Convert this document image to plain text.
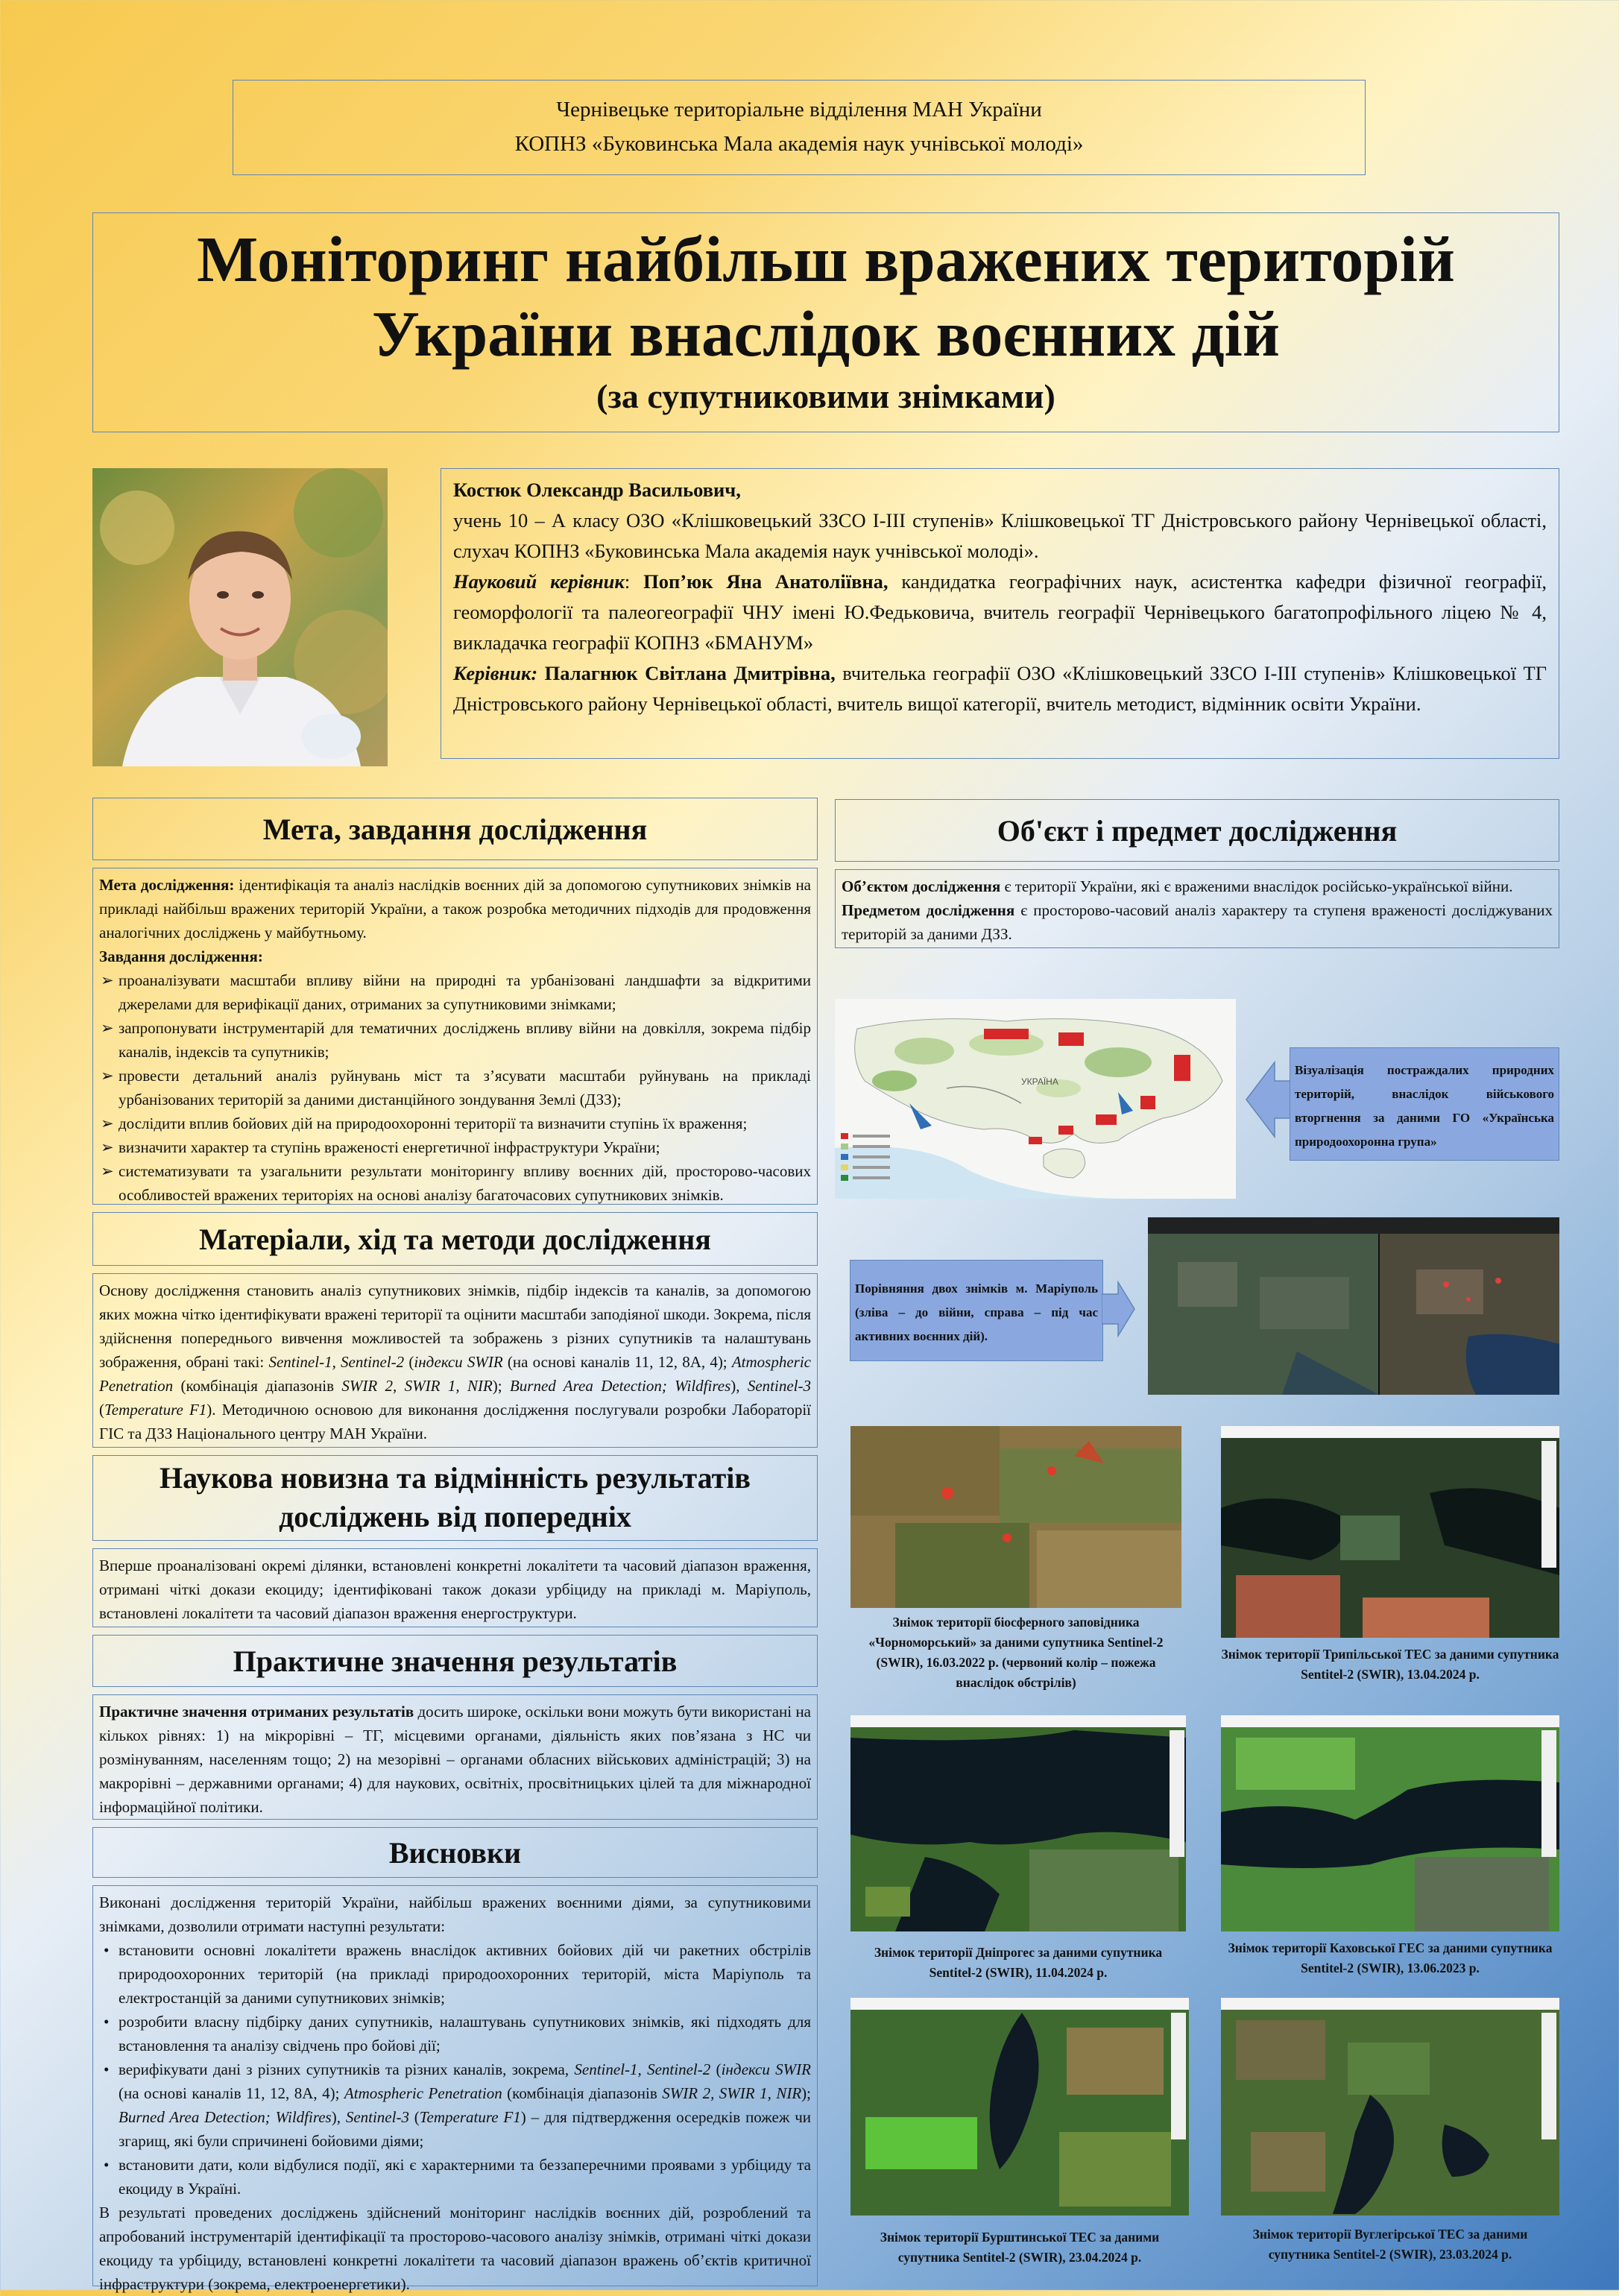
Чернівецьке територіальне відділення МАН України
КОПНЗ «Буковинська Мала академія наук учнівської молоді»
Моніторинг найбільш вражених територій
України внаслідок воєнних дій
(за супутниковими знімками)
Костюк Олександр Васильович,
учень 10 – А класу ОЗО «Клішковецький ЗЗСО І-ІІІ ступенів» Клішковецької ТГ Дністровського району Чернівецької області, слухач КОПНЗ «Буковинська Мала академія наук учнівської молоді».
Науковий керівник: Поп’юк Яна Анатоліївна, кандидатка географічних наук, асистентка кафедри фізичної географії, геоморфології та палеогеографії ЧНУ імені Ю.Федьковича, вчитель географії Чернівецького багатопрофільного ліцею № 4, викладачка географії КОПНЗ «БМАНУМ»
Керівник: Палагнюк Світлана Дмитрівна, вчителька географії ОЗО «Клішковецький ЗЗСО І-ІІІ ступенів» Клішковецької ТГ Дністровського району Чернівецької області, вчитель вищої категорії, вчитель методист, відмінник освіти України.
Мета, завдання дослідження

Мета дослідження: ідентифікація та аналіз наслідків воєнних дій за допомогою супутникових знімків на прикладі найбільш вражених територій України, а також розробка методичних підходів для продовження аналогічних досліджень у майбутньому.

Завдання дослідження:

➢ проаналізувати масштаби впливу війни на природні та урбанізовані ландшафти за відкритими джерелами для верифікації даних, отриманих за супутниковими знімками;
➢ запропонувати інструментарій для тематичних досліджень впливу війни на довкілля, зокрема підбір каналів, індексів та супутників;
➢ провести детальний аналіз руйнувань міст та з’ясувати масштаби руйнувань на прикладі урбанізованих територій за даними дистанційного зондування Землі (ДЗЗ);
➢ дослідити вплив бойових дій на природоохоронні території та визначити ступінь їх враження;
➢ визначити характер та ступінь враженості енергетичної інфраструктури України;
➢ систематизувати та узагальнити результати моніторингу впливу воєнних дій, просторово-часових особливостей вражених територіях на основі аналізу багаточасових супутникових знімків.
Матеріали, хід та методи дослідження
Основу дослідження становить аналіз супутникових знімків, підбір індексів та каналів, за допомогою яких можна чітко ідентифікувати вражені території та оцінити масштаби заподіяної шкоди. Зокрема, після здійснення попереднього вивчення можливостей та зображень з різних супутників та налаштувань зображення, обрані такі: Sentinel-1, Sentinel-2 (індекси SWIR (на основі каналів 11, 12, 8A, 4); Atmospheric Penetration (комбінація діапазонів SWIR 2, SWIR 1, NIR); Burned Area Detection; Wildfires), Sentinel-3 (Temperature F1). Методичною основою для виконання дослідження послугували розробки Лабораторії ГІС та ДЗЗ Національного центру МАН України.
Наукова новизна та відмінність результатів
досліджень від попередніх
Вперше проаналізовані окремі ділянки, встановлені конкретні локалітети та часовий діапазон враження, отримані чіткі докази екоциду; ідентифіковані також докази урбіциду на прикладі м. Маріуполь, встановлені локалітети та часовий діапазон враження енергоструктури.
Практичне значення результатів
Практичне значення отриманих результатів досить широке, оскільки вони можуть бути використані на кількох рівнях: 1) на мікрорівні – ТГ, місцевими органами, діяльність яких пов’язана з НС чи розмінуванням, населенням тощо; 2) на мезорівні – органами обласних військових адміністрацій; 3) на макрорівні – державними органами; 4) для наукових, освітніх, просвітницьких цілей та для міжнародної інформаційної політики.
Висновки

Виконані дослідження територій України, найбільш вражених воєнними діями, за супутниковими знімками, дозволили отримати наступні результати:

• встановити основні локалітети вражень внаслідок активних бойових дій чи ракетних обстрілів природоохоронних територій (на прикладі природоохоронних територій, міста Маріуполь та електростанцій за даними супутникових знімків;
• розробити власну підбірку даних супутників, налаштувань супутникових знімків, які підходять для встановлення та аналізу свідчень про бойові дії;
• верифікувати дані з різних супутників та різних каналів, зокрема, Sentinel-1, Sentinel-2 (індекси SWIR (на основі каналів 11, 12, 8A, 4); Atmospheric Penetration (комбінація діапазонів SWIR 2, SWIR 1, NIR); Burned Area Detection; Wildfires), Sentinel-3 (Temperature F1) – для підтвердження осередків пожеж чи згарищ, які були спричинені бойовими діями;
• встановити дати, коли відбулися події, які є характерними та беззаперечними проявами з урбіциду та екоциду в Україні.

В результаті проведених досліджень здійснений моніторинг наслідків воєнних дій, розроблений та апробований інструментарій ідентифікації та просторово-часового аналізу знімків, отримані чіткі докази екоциду та урбіциду, встановлені конкретні локалітети та часовий діапазон вражень об’єктів критичної інфраструктури (зокрема, електроенергетики).

Об'єкт і предмет дослідження

Об’єктом дослідження є території України, які є враженими внаслідок російсько-української війни.

Предметом дослідження є просторово-часовий аналіз характеру та ступеня враженості досліджуваних територій за даними ДЗЗ.

УКРАЇНА
Візуалізація постраждалих природних територій, внаслідок військового вторгнення за даними ГО «Українська природоохоронна група»
Порівняння двох знімків м. Маріуполь (зліва – до війни, справа – під час активних воєнних дій).
Знімок території біосферного заповідника «Чорноморський» за даними супутника Sentinel-2 (SWIR), 16.03.2022 р. (червоний колір – пожежа внаслідок обстрілів)
Знімок території Трипільської ТЕС за даними супутника Sentitel-2 (SWIR), 13.04.2024 р.
Знімок території Дніпрогес за даними супутника Sentitel-2 (SWIR), 11.04.2024 р.
Знімок території Каховської ГЕС за даними супутника Sentitel-2 (SWIR), 13.06.2023 р.
Знімок території Бурштинської ТЕС за даними супутника Sentitel-2 (SWIR), 23.04.2024 р.
Знімок території Вуглегірської ТЕС за даними супутника Sentitel-2 (SWIR), 23.03.2024 р.
